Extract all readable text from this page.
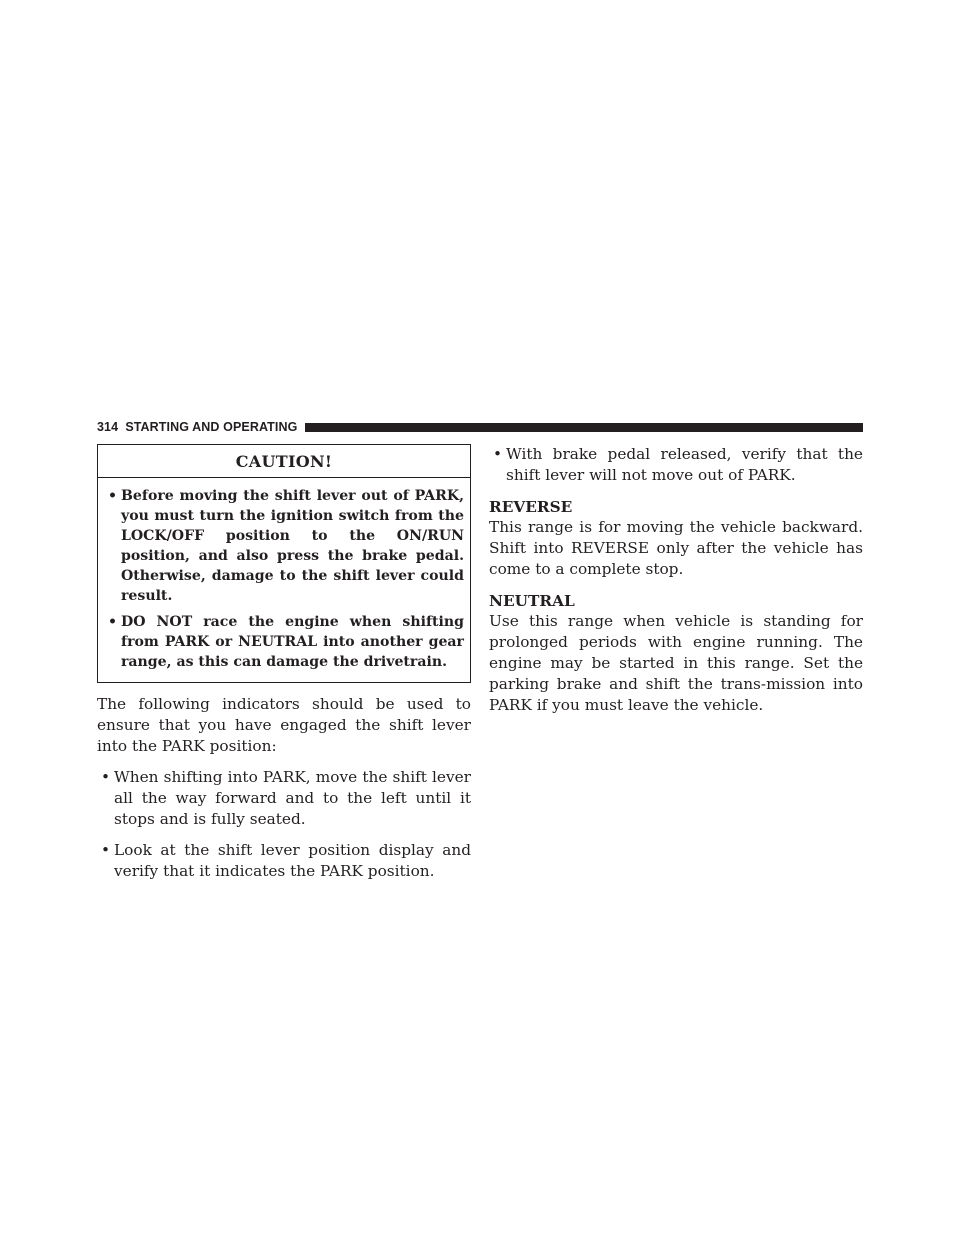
314 STARTING AND OPERATING
CAUTION!
• Before moving the shift lever out of PARK, you must turn the ignition switch from the LOCK/OFF position to the ON/RUN position, and also press the brake pedal. Otherwise, damage to the shift lever could result.
• DO NOT race the engine when shifting from PARK or NEUTRAL into another gear range, as this can damage the drivetrain.

The following indicators should be used to ensure that you have engaged the shift lever into the PARK position:

• When shifting into PARK, move the shift lever all the way forward and to the left until it stops and is fully seated.
• Look at the shift lever position display and verify that it indicates the PARK position.
• With brake pedal released, verify that the shift lever will not move out of PARK.
REVERSE

This range is for moving the vehicle backward. Shift into REVERSE only after the vehicle has come to a complete stop.

NEUTRAL

Use this range when vehicle is standing for prolonged periods with engine running. The engine may be started in this range. Set the parking brake and shift the trans-mission into PARK if you must leave the vehicle.
